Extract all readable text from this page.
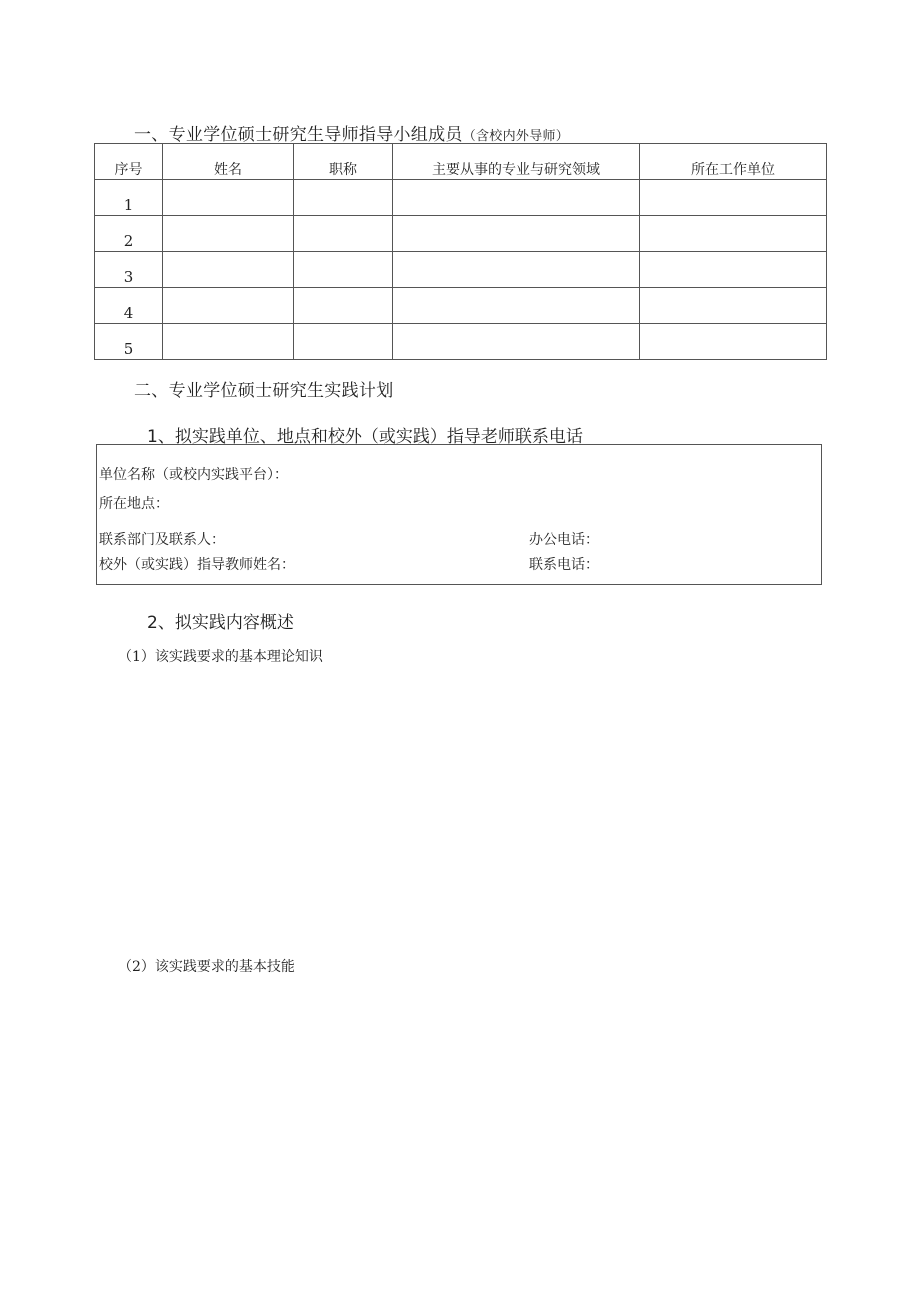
一、专业学位硕士研究生导师指导小组成员（含校内外导师）
序号	姓名	职称	主要从事的专业与研究领域	所在工作单位
1				
2				
3				
4				
5				
二、专业学位硕士研究生实践计划
1、拟实践单位、地点和校外（或实践）指导老师联系电话
单位名称（或校内实践平台）：
所在地点：
联系部门及联系人：	办公电话：
校外（或实践）指导教师姓名：	联系电话：
2、拟实践内容概述
（1）该实践要求的基本理论知识
（2）该实践要求的基本技能
